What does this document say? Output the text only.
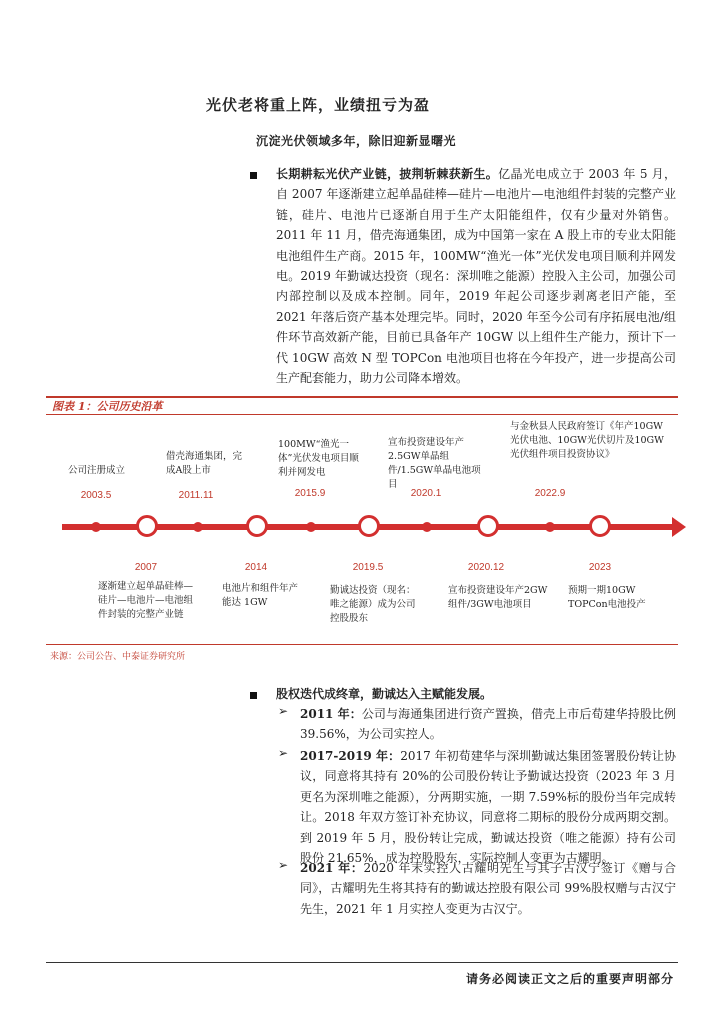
光伏老将重上阵，业绩扭亏为盈
沉淀光伏领域多年，除旧迎新显曙光
长期耕耘光伏产业链，披荆斩棘获新生。亿晶光电成立于 2003 年 5 月，自 2007 年逐渐建立起单晶硅棒—硅片—电池片—电池组件封装的完整产业链，硅片、电池片已逐渐自用于生产太阳能组件，仅有少量对外销售。2011 年 11 月，借壳海通集团，成为中国第一家在 A 股上市的专业太阳能电池组件生产商。2015 年，100MW“渔光一体”光伏发电项目顺利并网发电。2019 年勤诚达投资（现名：深圳唯之能源）控股入主公司，加强公司内部控制以及成本控制。同年，2019 年起公司逐步剥离老旧产能，至 2021 年落后资产基本处理完毕。同时，2020 年至今公司有序拓展电池/组件环节高效新产能，目前已具备年产 10GW 以上组件生产能力，预计下一代 10GW 高效 N 型 TOPCon 电池项目也将在今年投产，进一步提高公司生产配套能力，助力公司降本增效。
图表 1：公司历史沿革
公司注册成立
借壳海通集团，完成A股上市
100MW“渔光一体”光伏发电项目顺利并网发电
宣布投资建设年产2.5GW单晶组件/1.5GW单晶电池项目
与金秋县人民政府签订《年产10GW光伏电池、10GW光伏切片及10GW光伏组件项目投资协议》
2003.5	2011.11	2015.9	2020.1	2022.9
2007	2014	2019.5	2020.12	2023
逐渐建立起单晶硅棒—硅片—电池片—电池组件封装的完整产业链
电池片和组件年产能达 1GW
勤诚达投资（现名：唯之能源）成为公司控股股东
宣布投资建设年产2GW组件/3GW电池项目
预期一期10GW TOPCon电池投产
来源：公司公告、中泰证券研究所
股权迭代成终章，勤诚达入主赋能发展。
➢ 2011 年：公司与海通集团进行资产置换，借壳上市后荀建华持股比例 39.56%，为公司实控人。
➢ 2017-2019 年：2017 年初荀建华与深圳勤诚达集团签署股份转让协议，同意将其持有 20%的公司股份转让予勤诚达投资（2023 年 3 月更名为深圳唯之能源），分两期实施，一期 7.59%标的股份当年完成转让。2018 年双方签订补充协议，同意将二期标的股份分成两期交割。到 2019 年 5 月，股份转让完成，勤诚达投资（唯之能源）持有公司股份 21.65%，成为控股股东，实际控制人变更为古耀明。
➢ 2021 年：2020 年末实控人古耀明先生与其子古汉宁签订《赠与合同》，古耀明先生将其持有的勤诚达控股有限公司 99%股权赠与古汉宁先生，2021 年 1 月实控人变更为古汉宁。
请务必阅读正文之后的重要声明部分
